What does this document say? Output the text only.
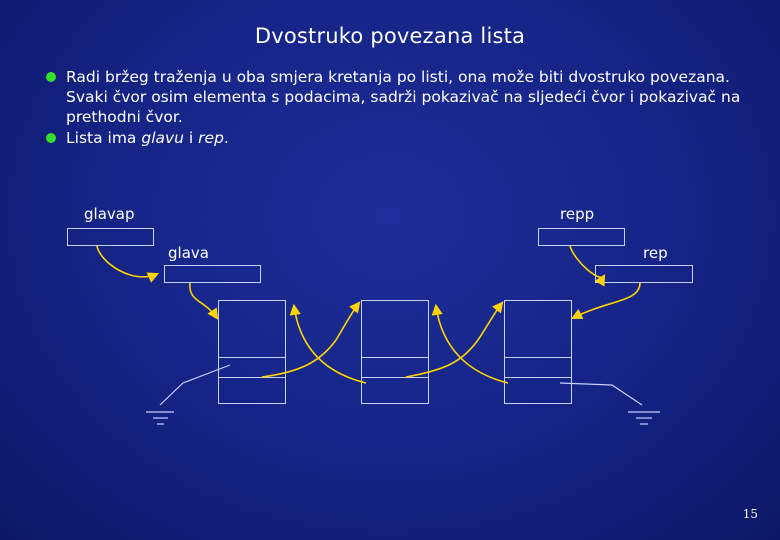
Dvostruko povezana lista
Radi bržeg traženja u oba smjera kretanja po listi, ona može biti dvostruko povezana. Svaki čvor osim elementa s podacima, sadrži pokazivač na sljedeći čvor i pokazivač na prethodni čvor.
Lista ima glavu i rep.
glavap	repp
glava	rep
15
